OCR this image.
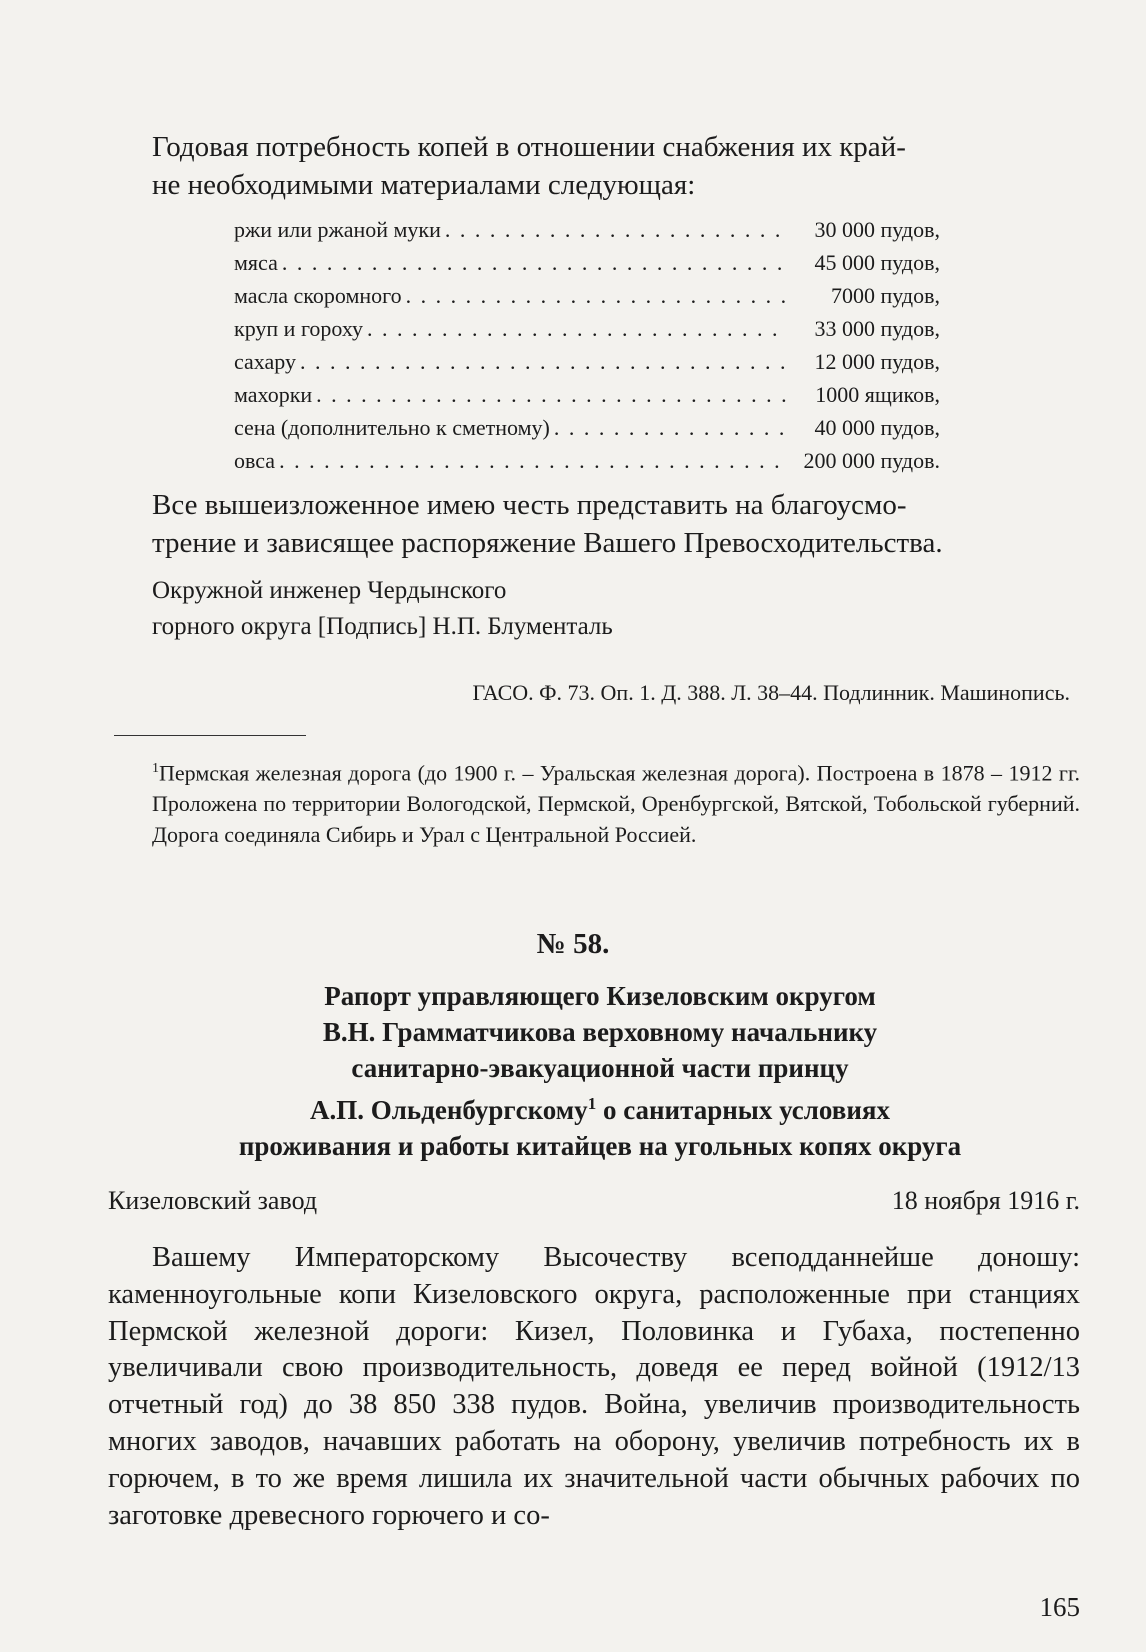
Годовая потребность копей в отношении снабжения их край-
не необходимыми материалами следующая:
ржи или ржаной муки . . .	30 000 пудов,
мяса . . .	45 000 пудов,
масла скоромного . . .	7000 пудов,
круп и гороху . . .	33 000 пудов,
сахару . . .	12 000 пудов,
махорки . . .	1000 ящиков,
сена (дополнительно к сметному) . . .	40 000 пудов,
овса . . .	200 000 пудов.
Все вышеизложенное имею честь представить на благоусмо-
трение и зависящее распоряжение Вашего Превосходительства.
Окружной инженер Чердынского
горного округа [Подпись] Н.П. Блументаль
ГАСО. Ф. 73. Оп. 1. Д. 388. Л. 38–44. Подлинник. Машинопись.
$^1$Пермская железная дорога (до 1900 г. – Уральская железная дорога). Построена в 1878 – 1912 гг. Проложена по территории Вологодской, Пермской, Оренбургской, Вятской, Тобольской губерний. Дорога соединяла Сибирь и Урал с Центральной Россией.
№ 58.
Рапорт управляющего Кизеловским округом
В.Н. Грамматчикова верховному начальнику
санитарно-эвакуационной части принцу
А.П. Ольденбургскому$^1$ о санитарных условиях
проживания и работы китайцев на угольных копях округа
Кизеловский завод	18 ноября 1916 г.
Вашему Императорскому Высочеству всеподданнейше доношу: каменноугольные копи Кизеловского округа, расположенные при станциях Пермской железной дороги: Кизел, Половинка и Губаха, постепенно увеличивали свою производительность, доведя ее перед войной (1912/13 отчетный год) до 38 850 338 пудов. Война, увеличив производительность многих заводов, начавших работать на оборону, увеличив потребность их в горючем, в то же время лишила их значительной части обычных рабочих по заготовке древесного горючего и со-
165
